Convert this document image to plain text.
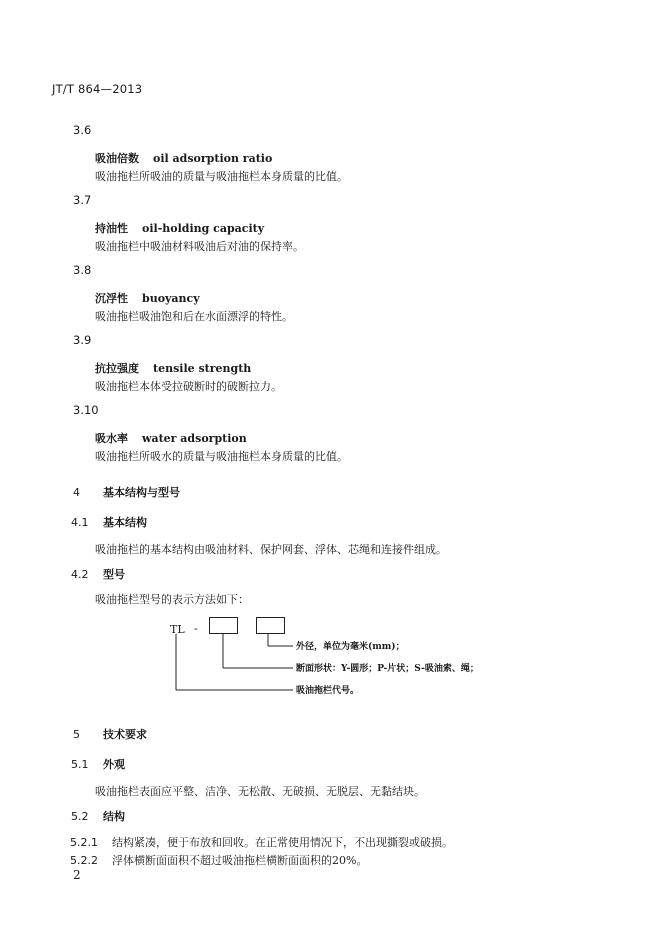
JT/T 864—2013
3.6
吸油倍数 oil adsorption ratio
吸油拖栏所吸油的质量与吸油拖栏本身质量的比值。
3.7
持油性 oil-holding capacity
吸油拖栏中吸油材料吸油后对油的保持率。
3.8
沉浮性 buoyancy
吸油拖栏吸油饱和后在水面漂浮的特性。
3.9
抗拉强度 tensile strength
吸油拖栏本体受拉破断时的破断拉力。
3.10
吸水率 water adsorption
吸油拖栏所吸水的质量与吸油拖栏本身质量的比值。
4 基本结构与型号
4.1 基本结构
吸油拖栏的基本结构由吸油材料、保护网套、浮体、芯绳和连接件组成。
4.2 型号
吸油拖栏型号的表示方法如下：
TL -
外径，单位为毫米(mm)；
断面形状：Y-圆形；P-片状；S-吸油索、绳；
吸油拖栏代号。
5 技术要求
5.1 外观
吸油拖栏表面应平整、洁净、无松散、无破损、无脱层、无黏结块。
5.2 结构
5.2.1 结构紧凑，便于布放和回收。在正常使用情况下，不出现撕裂或破损。
5.2.2 浮体横断面面积不超过吸油拖栏横断面面积的20%。
2
